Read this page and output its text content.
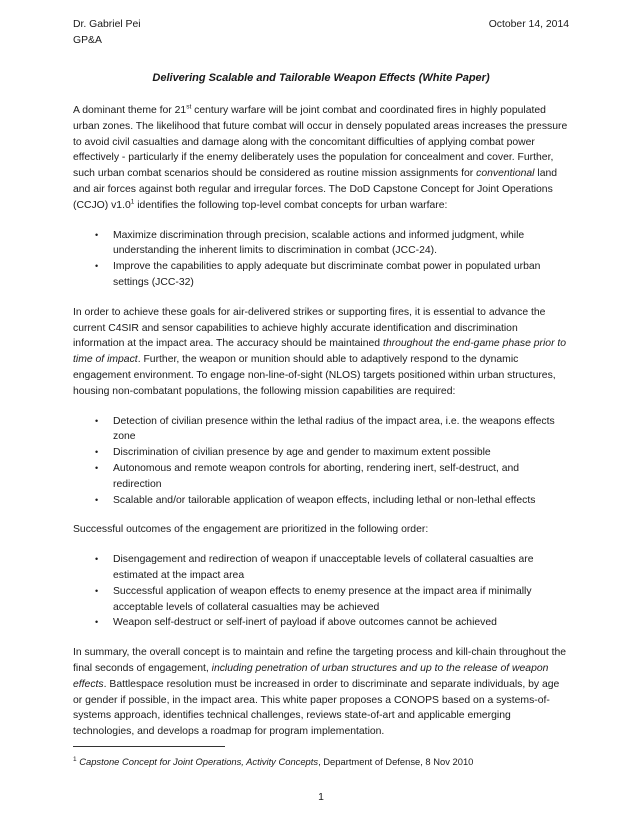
Dr. Gabriel Pei	October 14, 2014
GP&A
Delivering Scalable and Tailorable Weapon Effects (White Paper)

A dominant theme for 21st century warfare will be joint combat and coordinated fires in highly populated urban zones. The likelihood that future combat will occur in densely populated areas increases the pressure to avoid civil casualties and damage along with the concomitant difficulties of applying combat power effectively - particularly if the enemy deliberately uses the population for concealment and cover. Further, such urban combat scenarios should be considered as routine mission assignments for conventional land and air forces against both regular and irregular forces. The DoD Capstone Concept for Joint Operations (CCJO) $v1.0^1$ identifies the following top-level combat concepts for urban warfare:

• Maximize discrimination through precision, scalable actions and informed judgment, while understanding the inherent limits to discrimination in combat (JCC-24).
• Improve the capabilities to apply adequate but discriminate combat power in populated urban settings (JCC-32)

In order to achieve these goals for air-delivered strikes or supporting fires, it is essential to advance the current C4SIR and sensor capabilities to achieve highly accurate identification and discrimination information at the impact area. The accuracy should be maintained throughout the end-game phase prior to time of impact. Further, the weapon or munition should able to adaptively respond to the dynamic engagement environment. To engage non-line-of-sight (NLOS) targets positioned within urban structures, housing non-combatant populations, the following mission capabilities are required:

• Detection of civilian presence within the lethal radius of the impact area, i.e. the weapons effects zone
• Discrimination of civilian presence by age and gender to maximum extent possible
• Autonomous and remote weapon controls for aborting, rendering inert, self-destruct, and redirection
• Scalable and/or tailorable application of weapon effects, including lethal or non-lethal effects

Successful outcomes of the engagement are prioritized in the following order:

• Disengagement and redirection of weapon if unacceptable levels of collateral casualties are estimated at the impact area
• Successful application of weapon effects to enemy presence at the impact area if minimally acceptable levels of collateral casualties may be achieved
• Weapon self-destruct or self-inert of payload if above outcomes cannot be achieved

In summary, the overall concept is to maintain and refine the targeting process and kill-chain throughout the final seconds of engagement, including penetration of urban structures and up to the release of weapon effects. Battlespace resolution must be increased in order to discriminate and separate individuals, by age or gender if possible, in the impact area. This white paper proposes a CONOPS based on a systems-of-systems approach, identifies technical challenges, reviews state-of-art and applicable emerging technologies, and develops a roadmap for program implementation.

$^1$ Capstone Concept for Joint Operations, Activity Concepts, Department of Defense, 8 Nov 2010
1
